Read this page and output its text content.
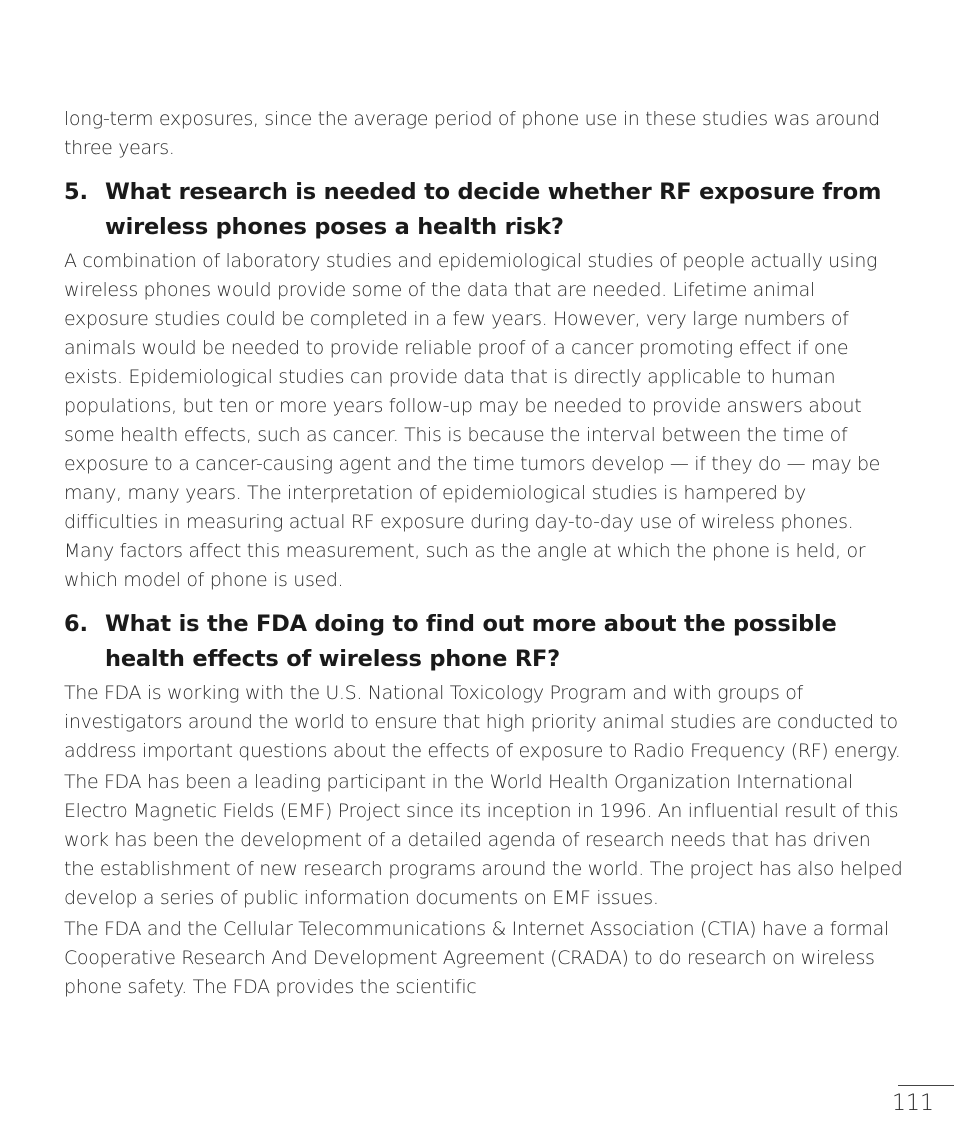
long-term exposures, since the average period of phone use in these studies was around three years.

5. What research is needed to decide whether RF exposure from wireless phones poses a health risk?

A combination of laboratory studies and epidemiological studies of people actually using wireless phones would provide some of the data that are needed. Lifetime animal exposure studies could be completed in a few years. However, very large numbers of animals would be needed to provide reliable proof of a cancer promoting effect if one exists. Epidemiological studies can provide data that is directly applicable to human populations, but ten or more years follow-up may be needed to provide answers about some health effects, such as cancer. This is because the interval between the time of exposure to a cancer-causing agent and the time tumors develop — if they do — may be many, many years. The interpretation of epidemiological studies is hampered by difficulties in measuring actual RF exposure during day-to-day use of wireless phones. Many factors affect this measurement, such as the angle at which the phone is held, or which model of phone is used.

6. What is the FDA doing to find out more about the possible health effects of wireless phone RF?

The FDA is working with the U.S. National Toxicology Program and with groups of investigators around the world to ensure that high priority animal studies are conducted to address important questions about the effects of exposure to Radio Frequency (RF) energy.

The FDA has been a leading participant in the World Health Organization International Electro Magnetic Fields (EMF) Project since its inception in 1996. An influential result of this work has been the development of a detailed agenda of research needs that has driven the establishment of new research programs around the world. The project has also helped develop a series of public information documents on EMF issues.

The FDA and the Cellular Telecommunications & Internet Association (CTIA) have a formal Cooperative Research And Development Agreement (CRADA) to do research on wireless phone safety. The FDA provides the scientific

111
